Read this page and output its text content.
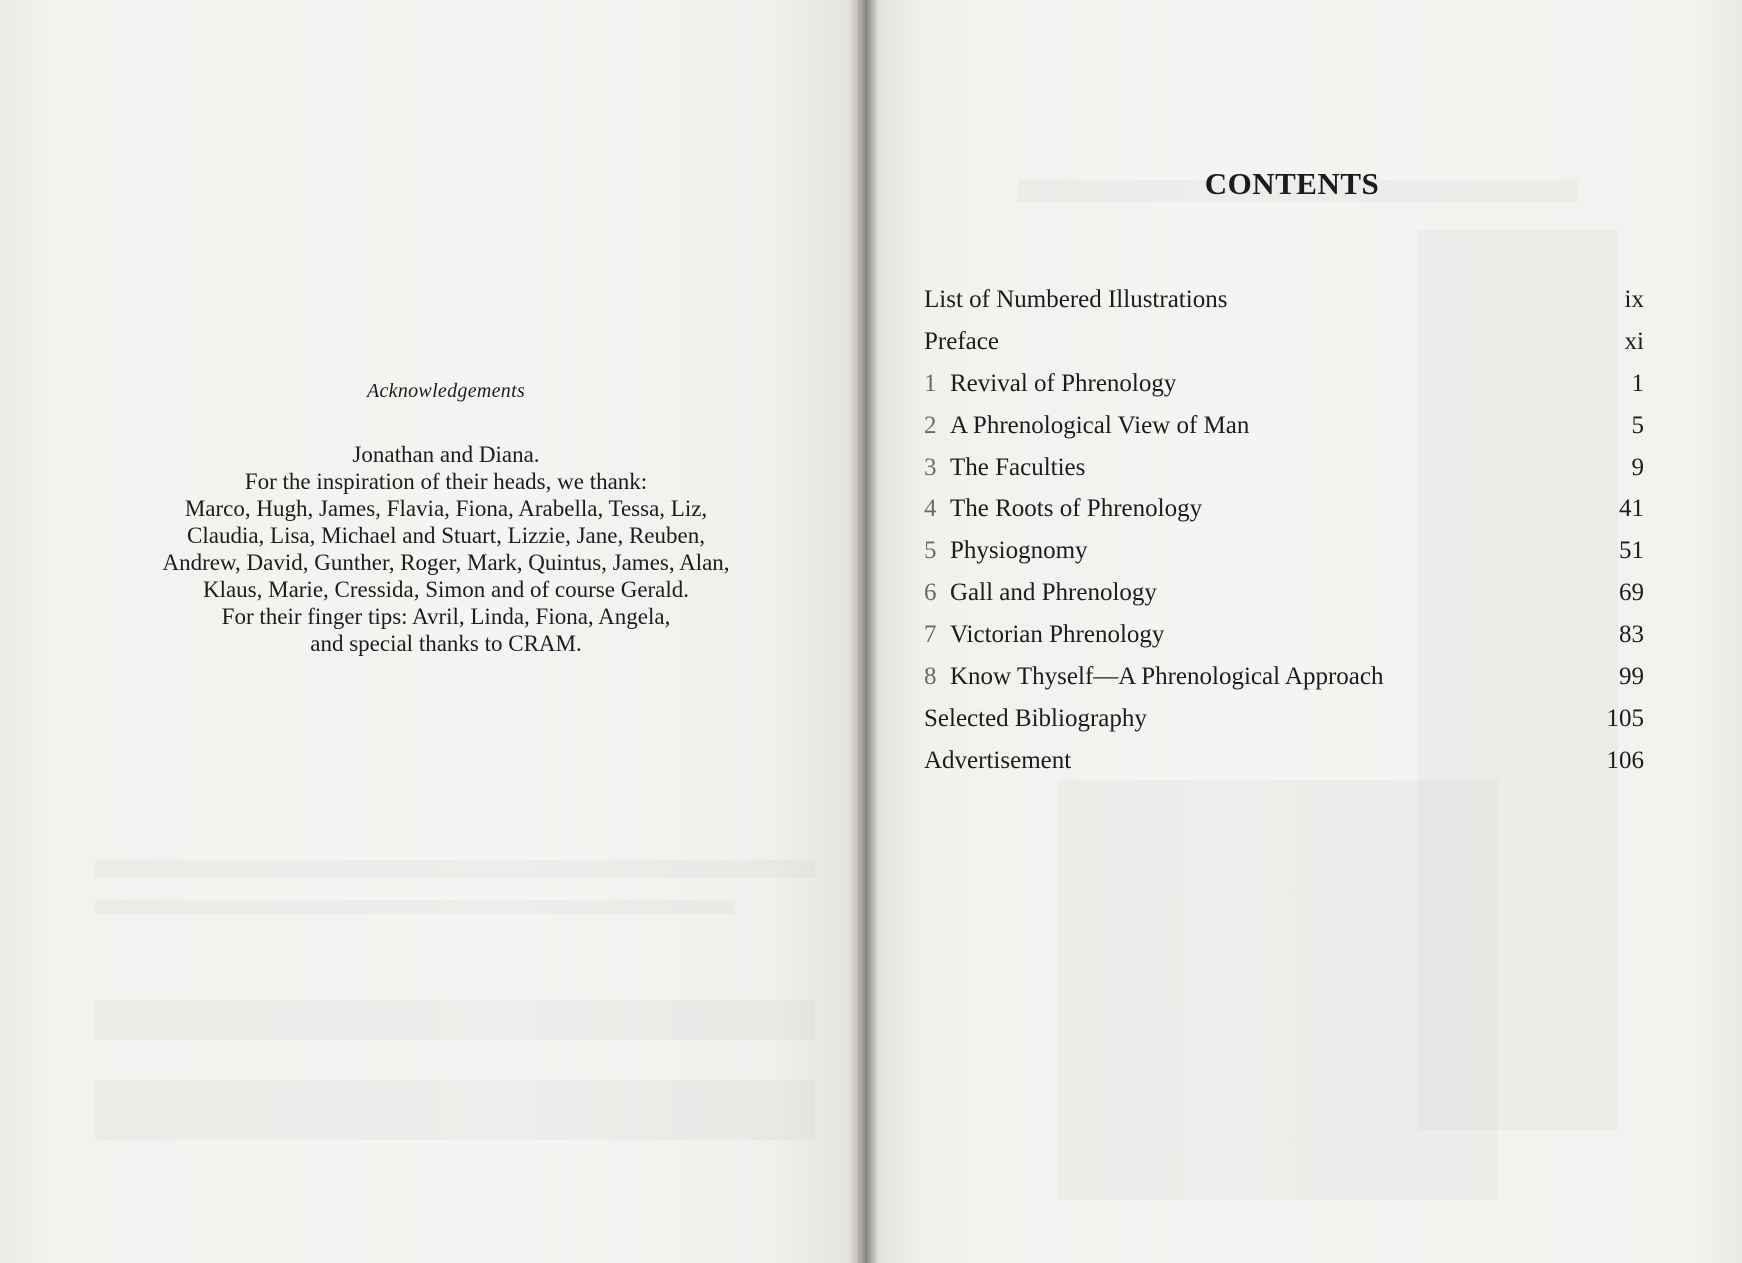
Acknowledgements
Jonathan and Diana.
For the inspiration of their heads, we thank:
Marco, Hugh, James, Flavia, Fiona, Arabella, Tessa, Liz,
Claudia, Lisa, Michael and Stuart, Lizzie, Jane, Reuben,
Andrew, David, Gunther, Roger, Mark, Quintus, James, Alan,
Klaus, Marie, Cressida, Simon and of course Gerald.
For their finger tips: Avril, Linda, Fiona, Angela,
and special thanks to CRAM.
CONTENTS
List of Numbered Illustrations	ix
Preface	xi
1 Revival of Phrenology	1
2 A Phrenological View of Man	5
3 The Faculties	9
4 The Roots of Phrenology	41
5 Physiognomy	51
6 Gall and Phrenology	69
7 Victorian Phrenology	83
8 Know Thyself—A Phrenological Approach	99
Selected Bibliography	105
Advertisement	106
